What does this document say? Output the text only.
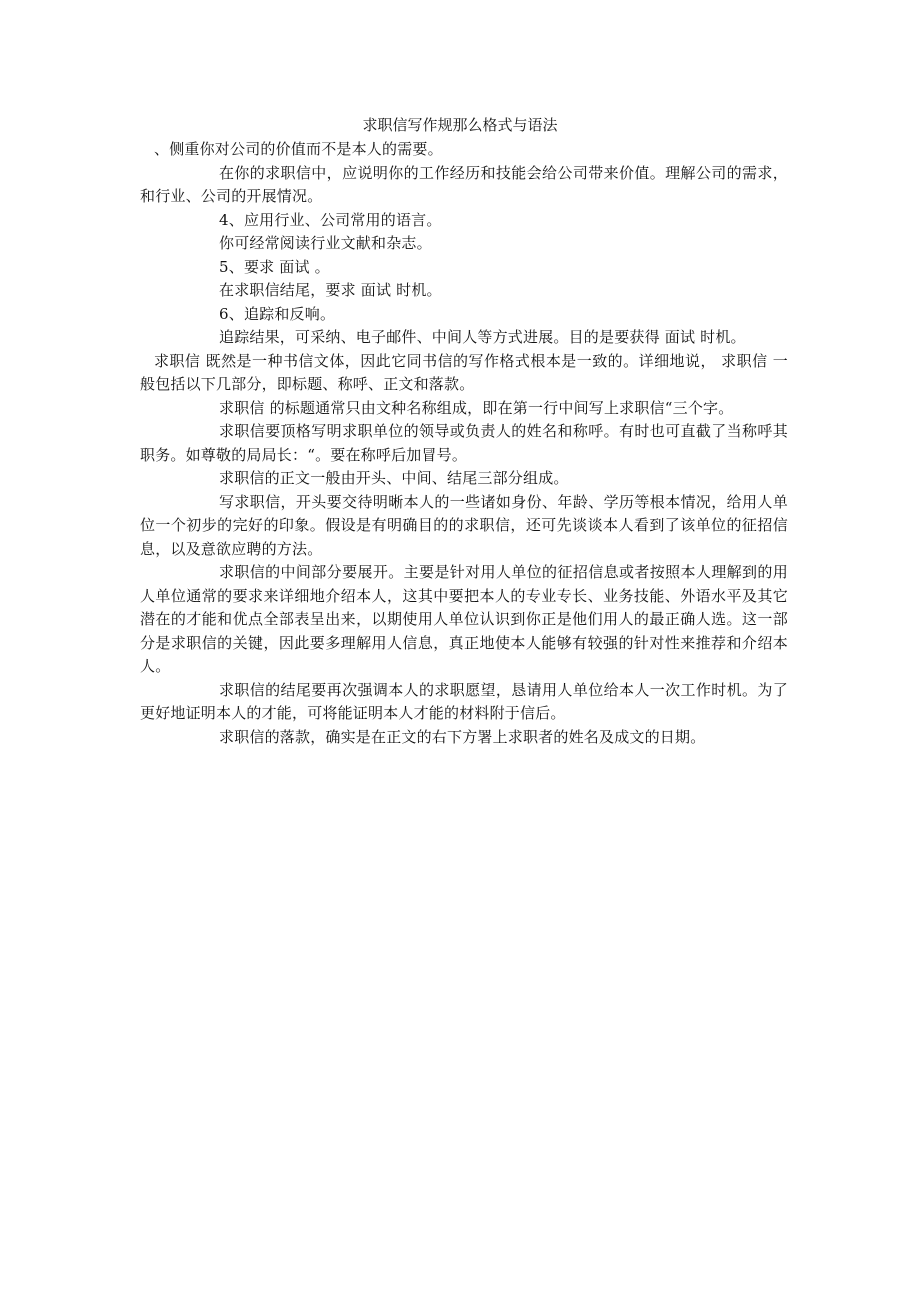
求职信写作规那么格式与语法

、侧重你对公司的价值而不是本人的需要。

在你的求职信中，应说明你的工作经历和技能会给公司带来价值。理解公司的需求，和行业、公司的开展情况。

4、应用行业、公司常用的语言。

你可经常阅读行业文献和杂志。

5、要求 面试 。

在求职信结尾，要求 面试 时机。

6、追踪和反响。

追踪结果，可采纳、电子邮件、中间人等方式进展。目的是要获得 面试 时机。

求职信 既然是一种书信文体，因此它同书信的写作格式根本是一致的。详细地说， 求职信 一般包括以下几部分，即标题、称呼、正文和落款。

求职信 的标题通常只由文种名称组成，即在第一行中间写上求职信“三个字。

求职信要顶格写明求职单位的领导或负责人的姓名和称呼。有时也可直截了当称呼其职务。如尊敬的局局长：“。要在称呼后加冒号。

求职信的正文一般由开头、中间、结尾三部分组成。

写求职信，开头要交待明晰本人的一些诸如身份、年龄、学历等根本情况，给用人单位一个初步的完好的印象。假设是有明确目的的求职信，还可先谈谈本人看到了该单位的征招信息，以及意欲应聘的方法。

求职信的中间部分要展开。主要是针对用人单位的征招信息或者按照本人理解到的用人单位通常的要求来详细地介绍本人，这其中要把本人的专业专长、业务技能、外语水平及其它潜在的才能和优点全部表呈出来，以期使用人单位认识到你正是他们用人的最正确人选。这一部分是求职信的关键，因此要多理解用人信息，真正地使本人能够有较强的针对性来推荐和介绍本人。

求职信的结尾要再次强调本人的求职愿望，恳请用人单位给本人一次工作时机。为了更好地证明本人的才能，可将能证明本人才能的材料附于信后。

求职信的落款，确实是在正文的右下方署上求职者的姓名及成文的日期。
